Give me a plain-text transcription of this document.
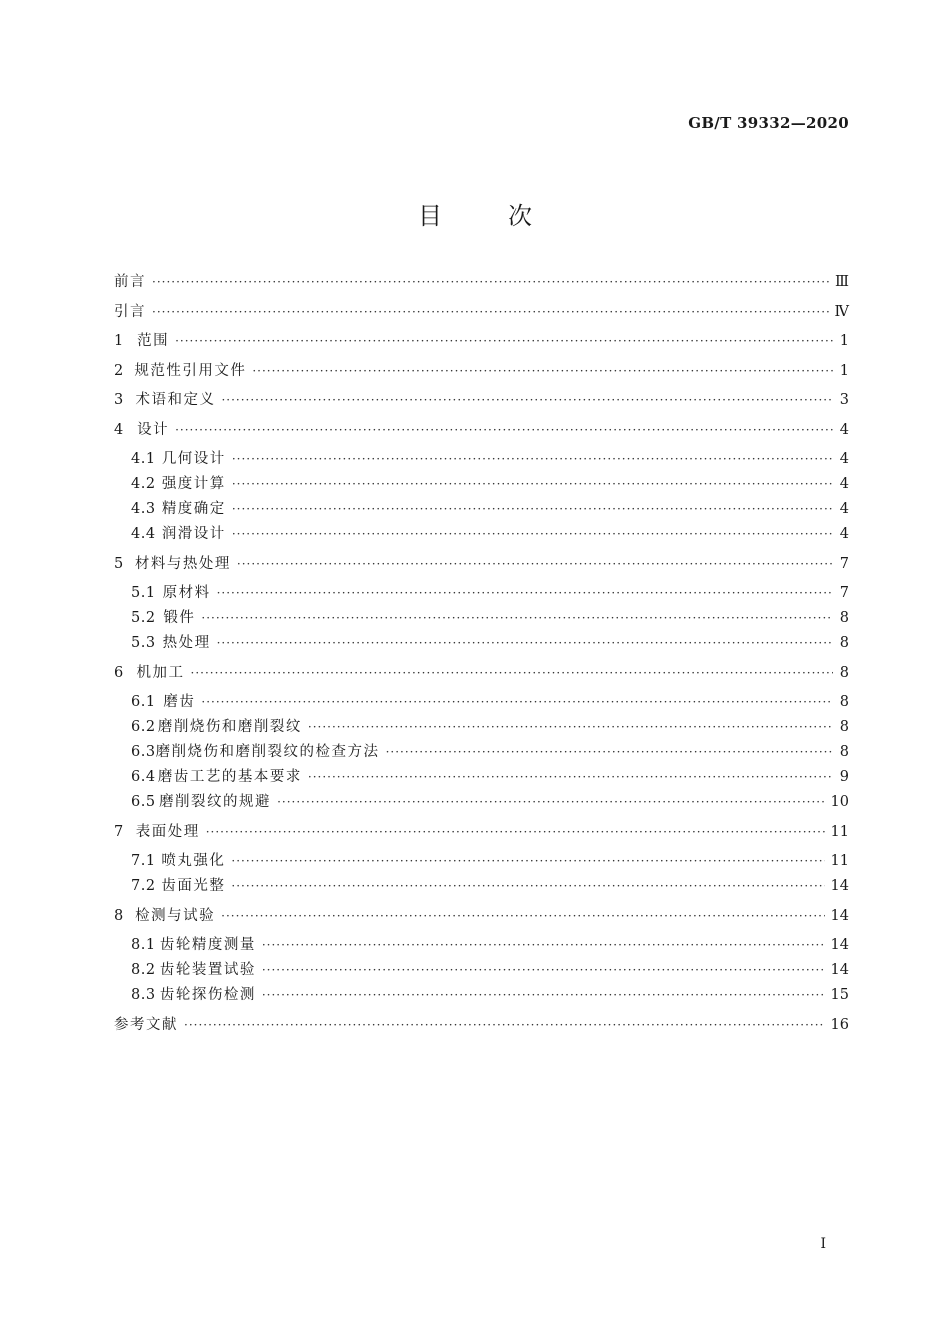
GB/T 39332—2020
目	次
前言 ·····	Ⅲ
引言 ·····	Ⅳ
1 范围 ·····	1
2 规范性引用文件 ·····	1
3 术语和定义 ·····	3
4 设计 ·····	4
4.1 几何设计 ·····	4
4.2 强度计算 ·····	4
4.3 精度确定 ·····	4
4.4 润滑设计 ·····	4
5 材料与热处理 ·····	7
5.1 原材料 ·····	7
5.2 锻件 ·····	8
5.3 热处理 ·····	8
6 机加工 ·····	8
6.1 磨齿 ·····	8
6.2 磨削烧伤和磨削裂纹 ·····	8
6.3 磨削烧伤和磨削裂纹的检查方法 ·····	8
6.4 磨齿工艺的基本要求 ·····	9
6.5 磨削裂纹的规避 ·····	10
7 表面处理 ·····	11
7.1 喷丸强化 ·····	11
7.2 齿面光整 ·····	14
8 检测与试验 ·····	14
8.1 齿轮精度测量 ·····	14
8.2 齿轮装置试验 ·····	14
8.3 齿轮探伤检测 ·····	15
参考文献 ·····	16
Ⅰ
